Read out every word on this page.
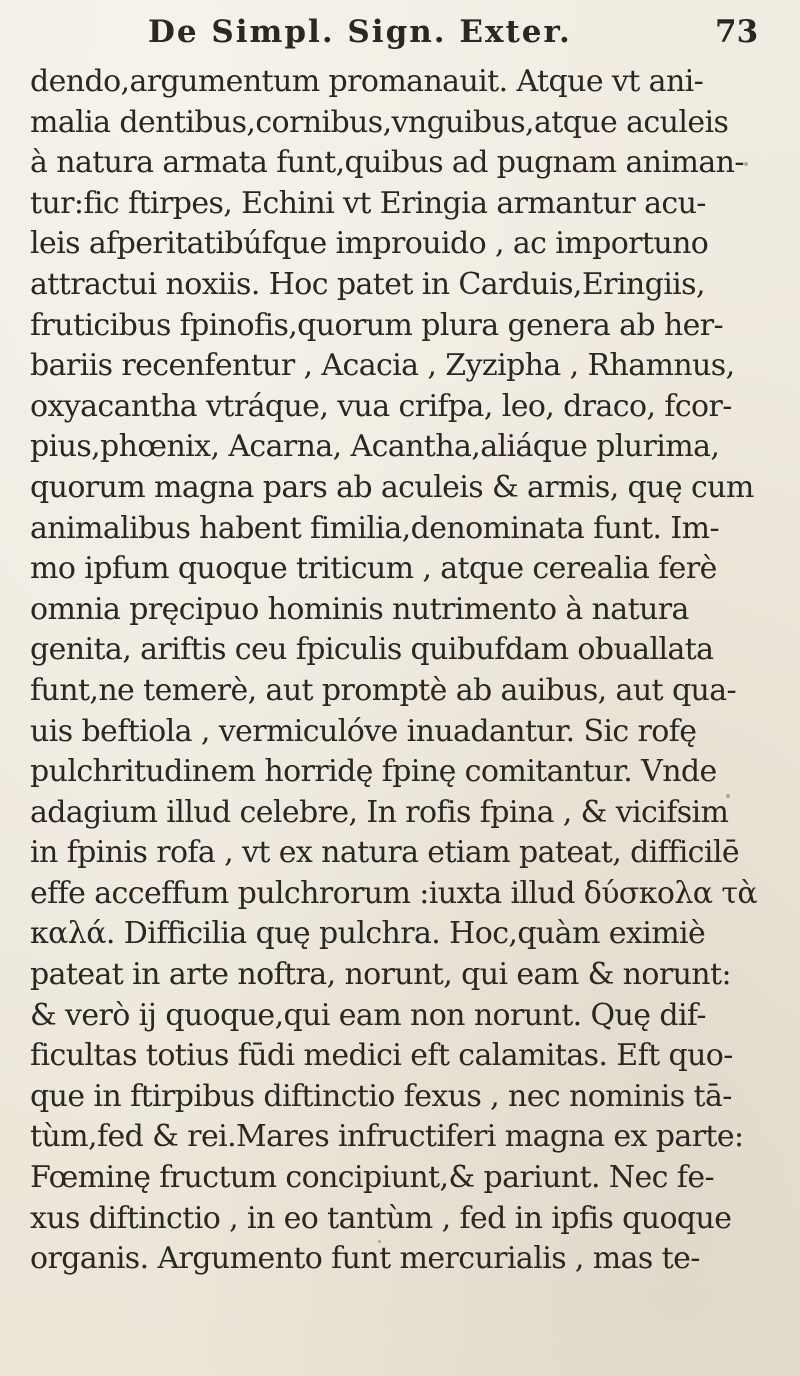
De Simpl. Sign. Exter.	73
dendo,argumentum promanauit. Atque vt ani-
malia dentibus,cornibus,vnguibus,atque aculeis
à natura armata funt,quibus ad pugnam animan-
tur:fic ftirpes, Echini vt Eringia armantur acu-
leis afperitatibúfque improuido , ac importuno
attractui noxiis. Hoc patet in Carduis,Eringiis,
fruticibus fpinofis,quorum plura genera ab her-
bariis recenfentur , Acacia , Zyzipha , Rhamnus,
oxyacantha vtráque, vua crifpa, leo, draco, fcor-
pius,phœnix, Acarna, Acantha,aliáque plurima,
quorum magna pars ab aculeis & armis, quę cum
animalibus habent fimilia,denominata funt. Im-
mo ipfum quoque triticum , atque cerealia ferè
omnia pręcipuo hominis nutrimento à natura
genita, ariftis ceu fpiculis quibufdam obuallata
funt,ne temerè, aut promptè ab auibus, aut qua-
uis beftiola , vermiculóve inuadantur. Sic rofę
pulchritudinem horridę fpinę comitantur. Vnde
adagium illud celebre, In rofis fpina , & vicifsim
in fpinis rofa , vt ex natura etiam pateat, difficilē
effe acceffum pulchrorum :iuxta illud δύσκολα τὰ
καλά. Difficilia quę pulchra. Hoc,quàm eximiè
pateat in arte noftra, norunt, qui eam & norunt:
& verò ij quoque,qui eam non norunt. Quę dif-
ficultas totius fūdi medici eft calamitas. Eft quo-
que in ftirpibus diftinctio fexus , nec nominis tā-
tùm,fed & rei.Mares infructiferi magna ex parte:
Fœminę fructum concipiunt,& pariunt. Nec fe-
xus diftinctio , in eo tantùm , fed in ipfis quoque
organis. Argumento funt mercurialis , mas te-
